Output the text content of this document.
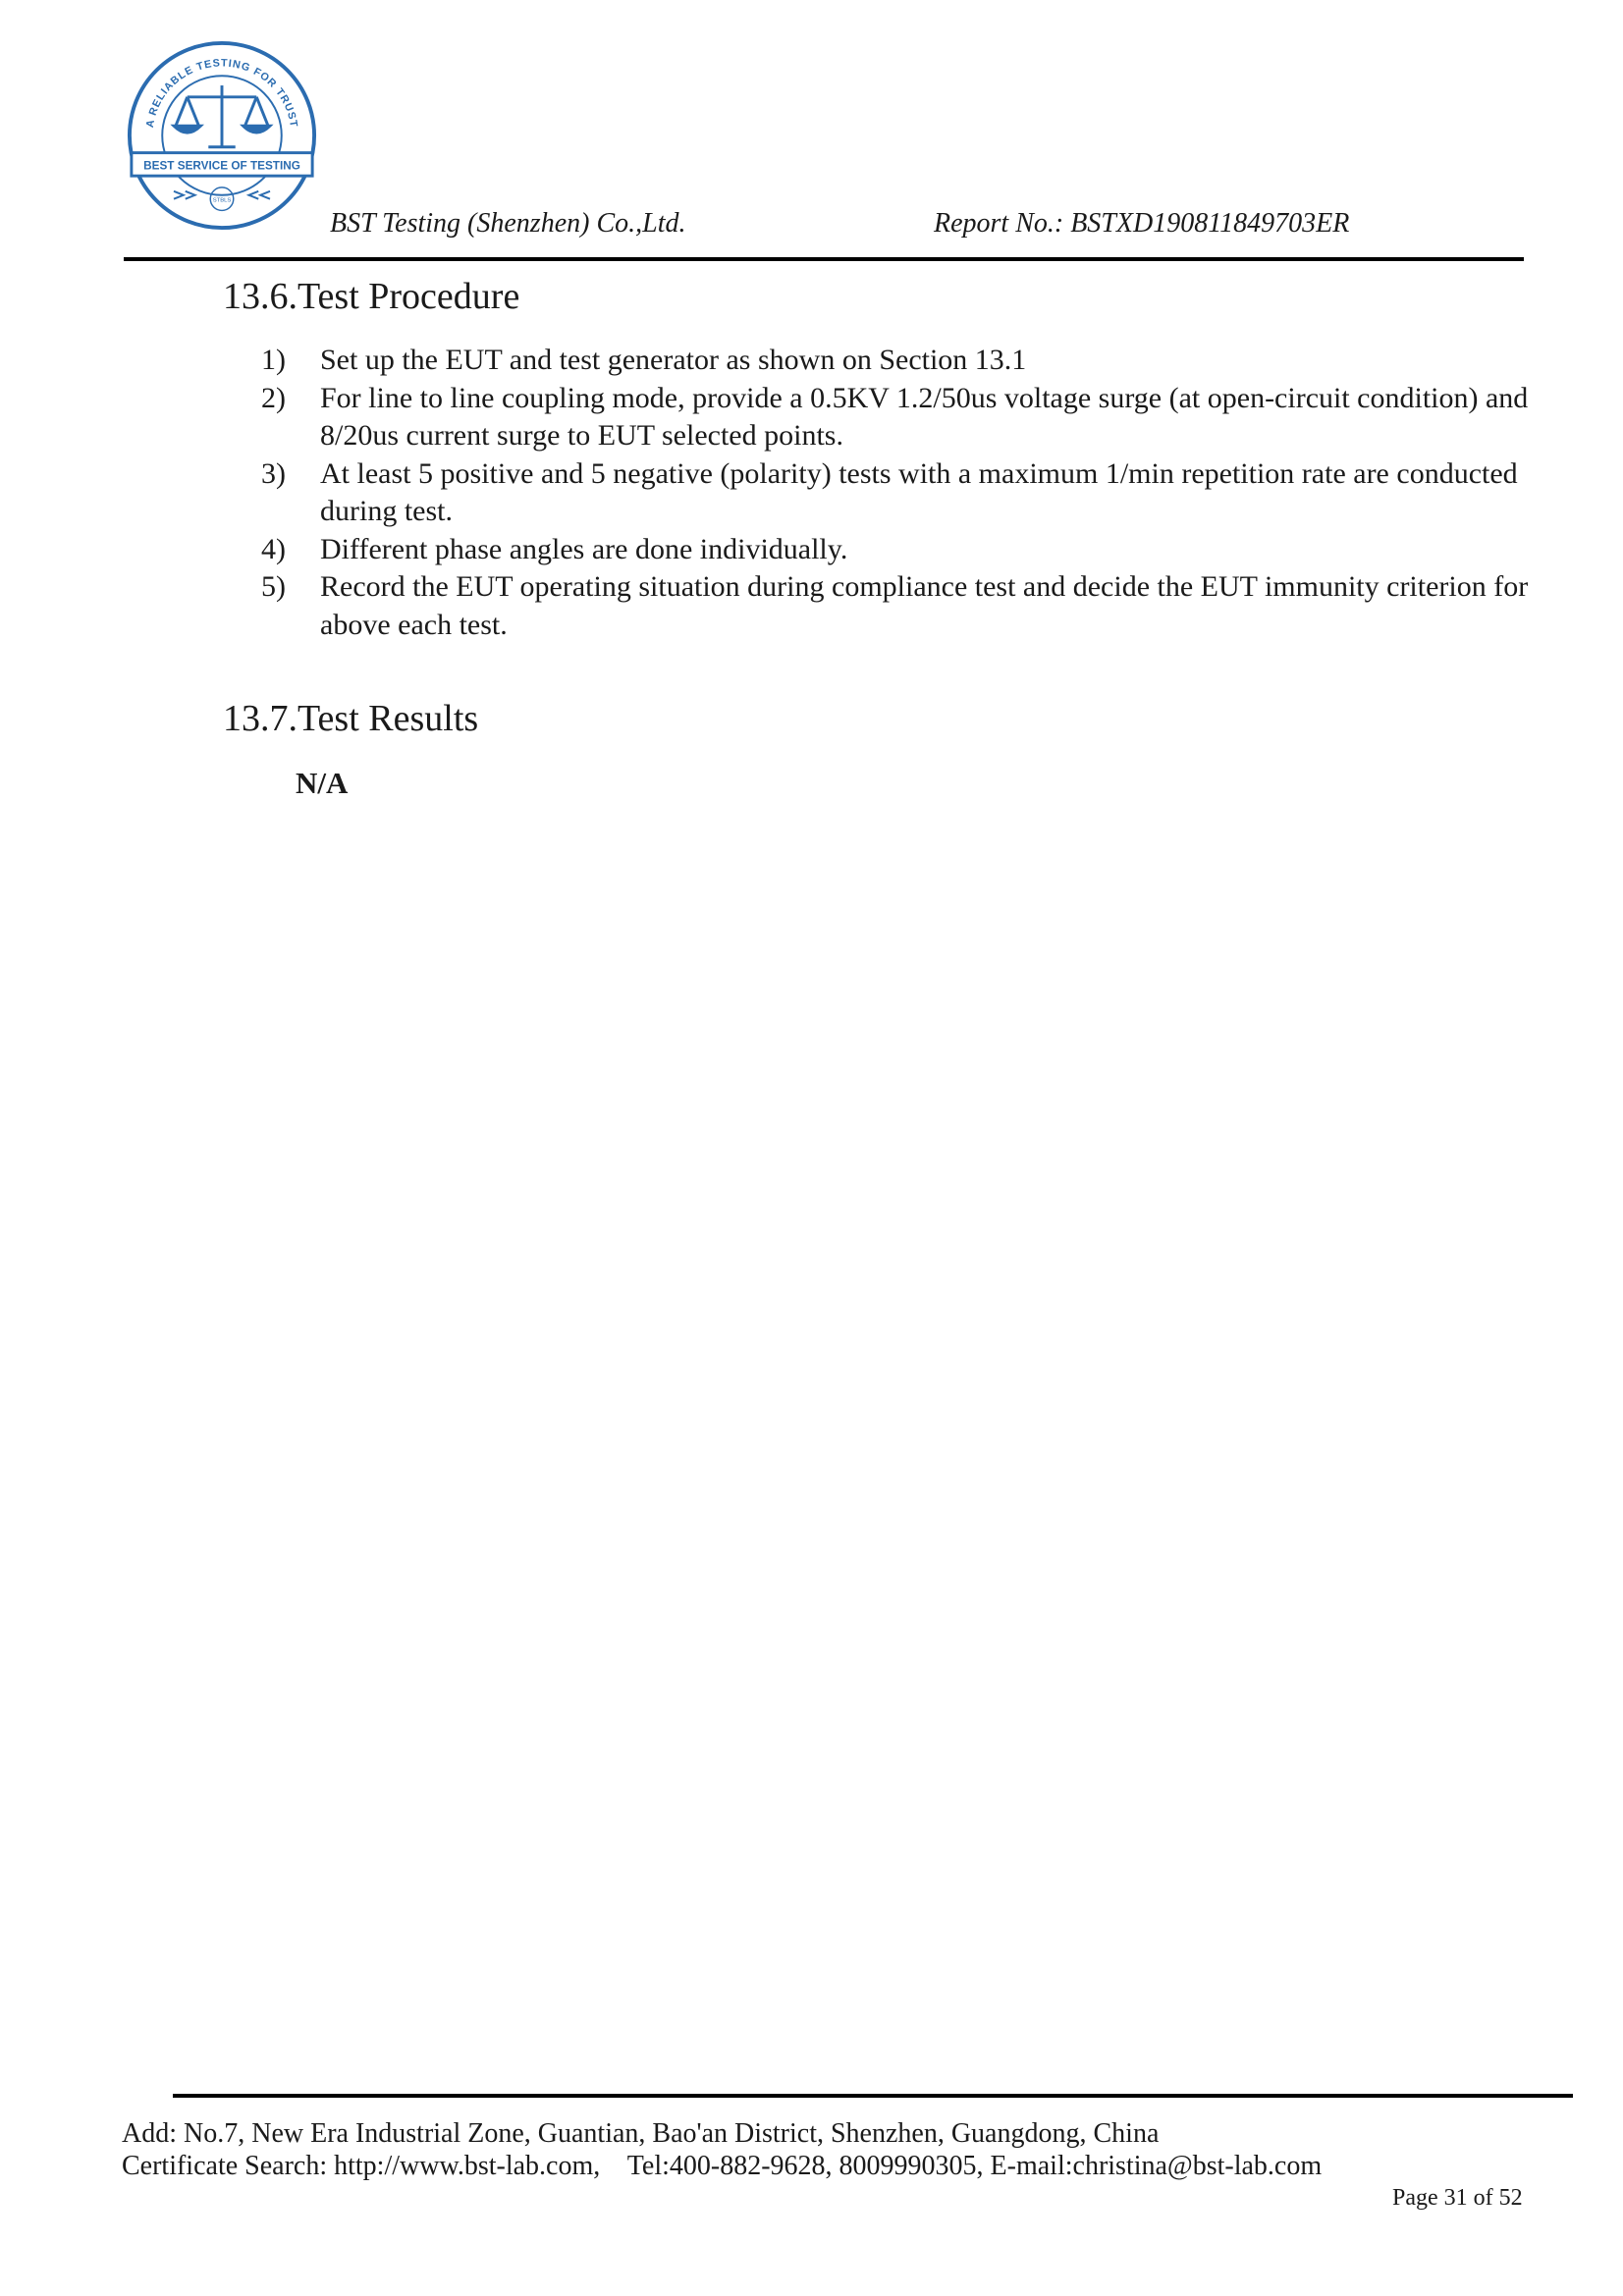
A RELIABLE TESTING FOR TRUST
BEST SERVICE OF TESTING
STBLS
BST Testing (Shenzhen) Co.,Ltd.	Report No.: BSTXD190811849703ER
13.6.Test Procedure
1)	Set up the EUT and test generator as shown on Section 13.1
2)	For line to line coupling mode, provide a 0.5KV 1.2/50us voltage surge (at open-circuit condition) and 8/20us current surge to EUT selected points.
3)	At least 5 positive and 5 negative (polarity) tests with a maximum 1/min repetition rate are conducted during test.
4)	Different phase angles are done individually.
5)	Record the EUT operating situation during compliance test and decide the EUT immunity criterion for above each test.
13.7.Test Results
N/A
Add: No.7, New Era Industrial Zone, Guantian, Bao'an District, Shenzhen, Guangdong, China
Certificate Search: http://www.bst-lab.com,    Tel:400-882-9628, 8009990305, E-mail:christina@bst-lab.com
Page 31 of 52
